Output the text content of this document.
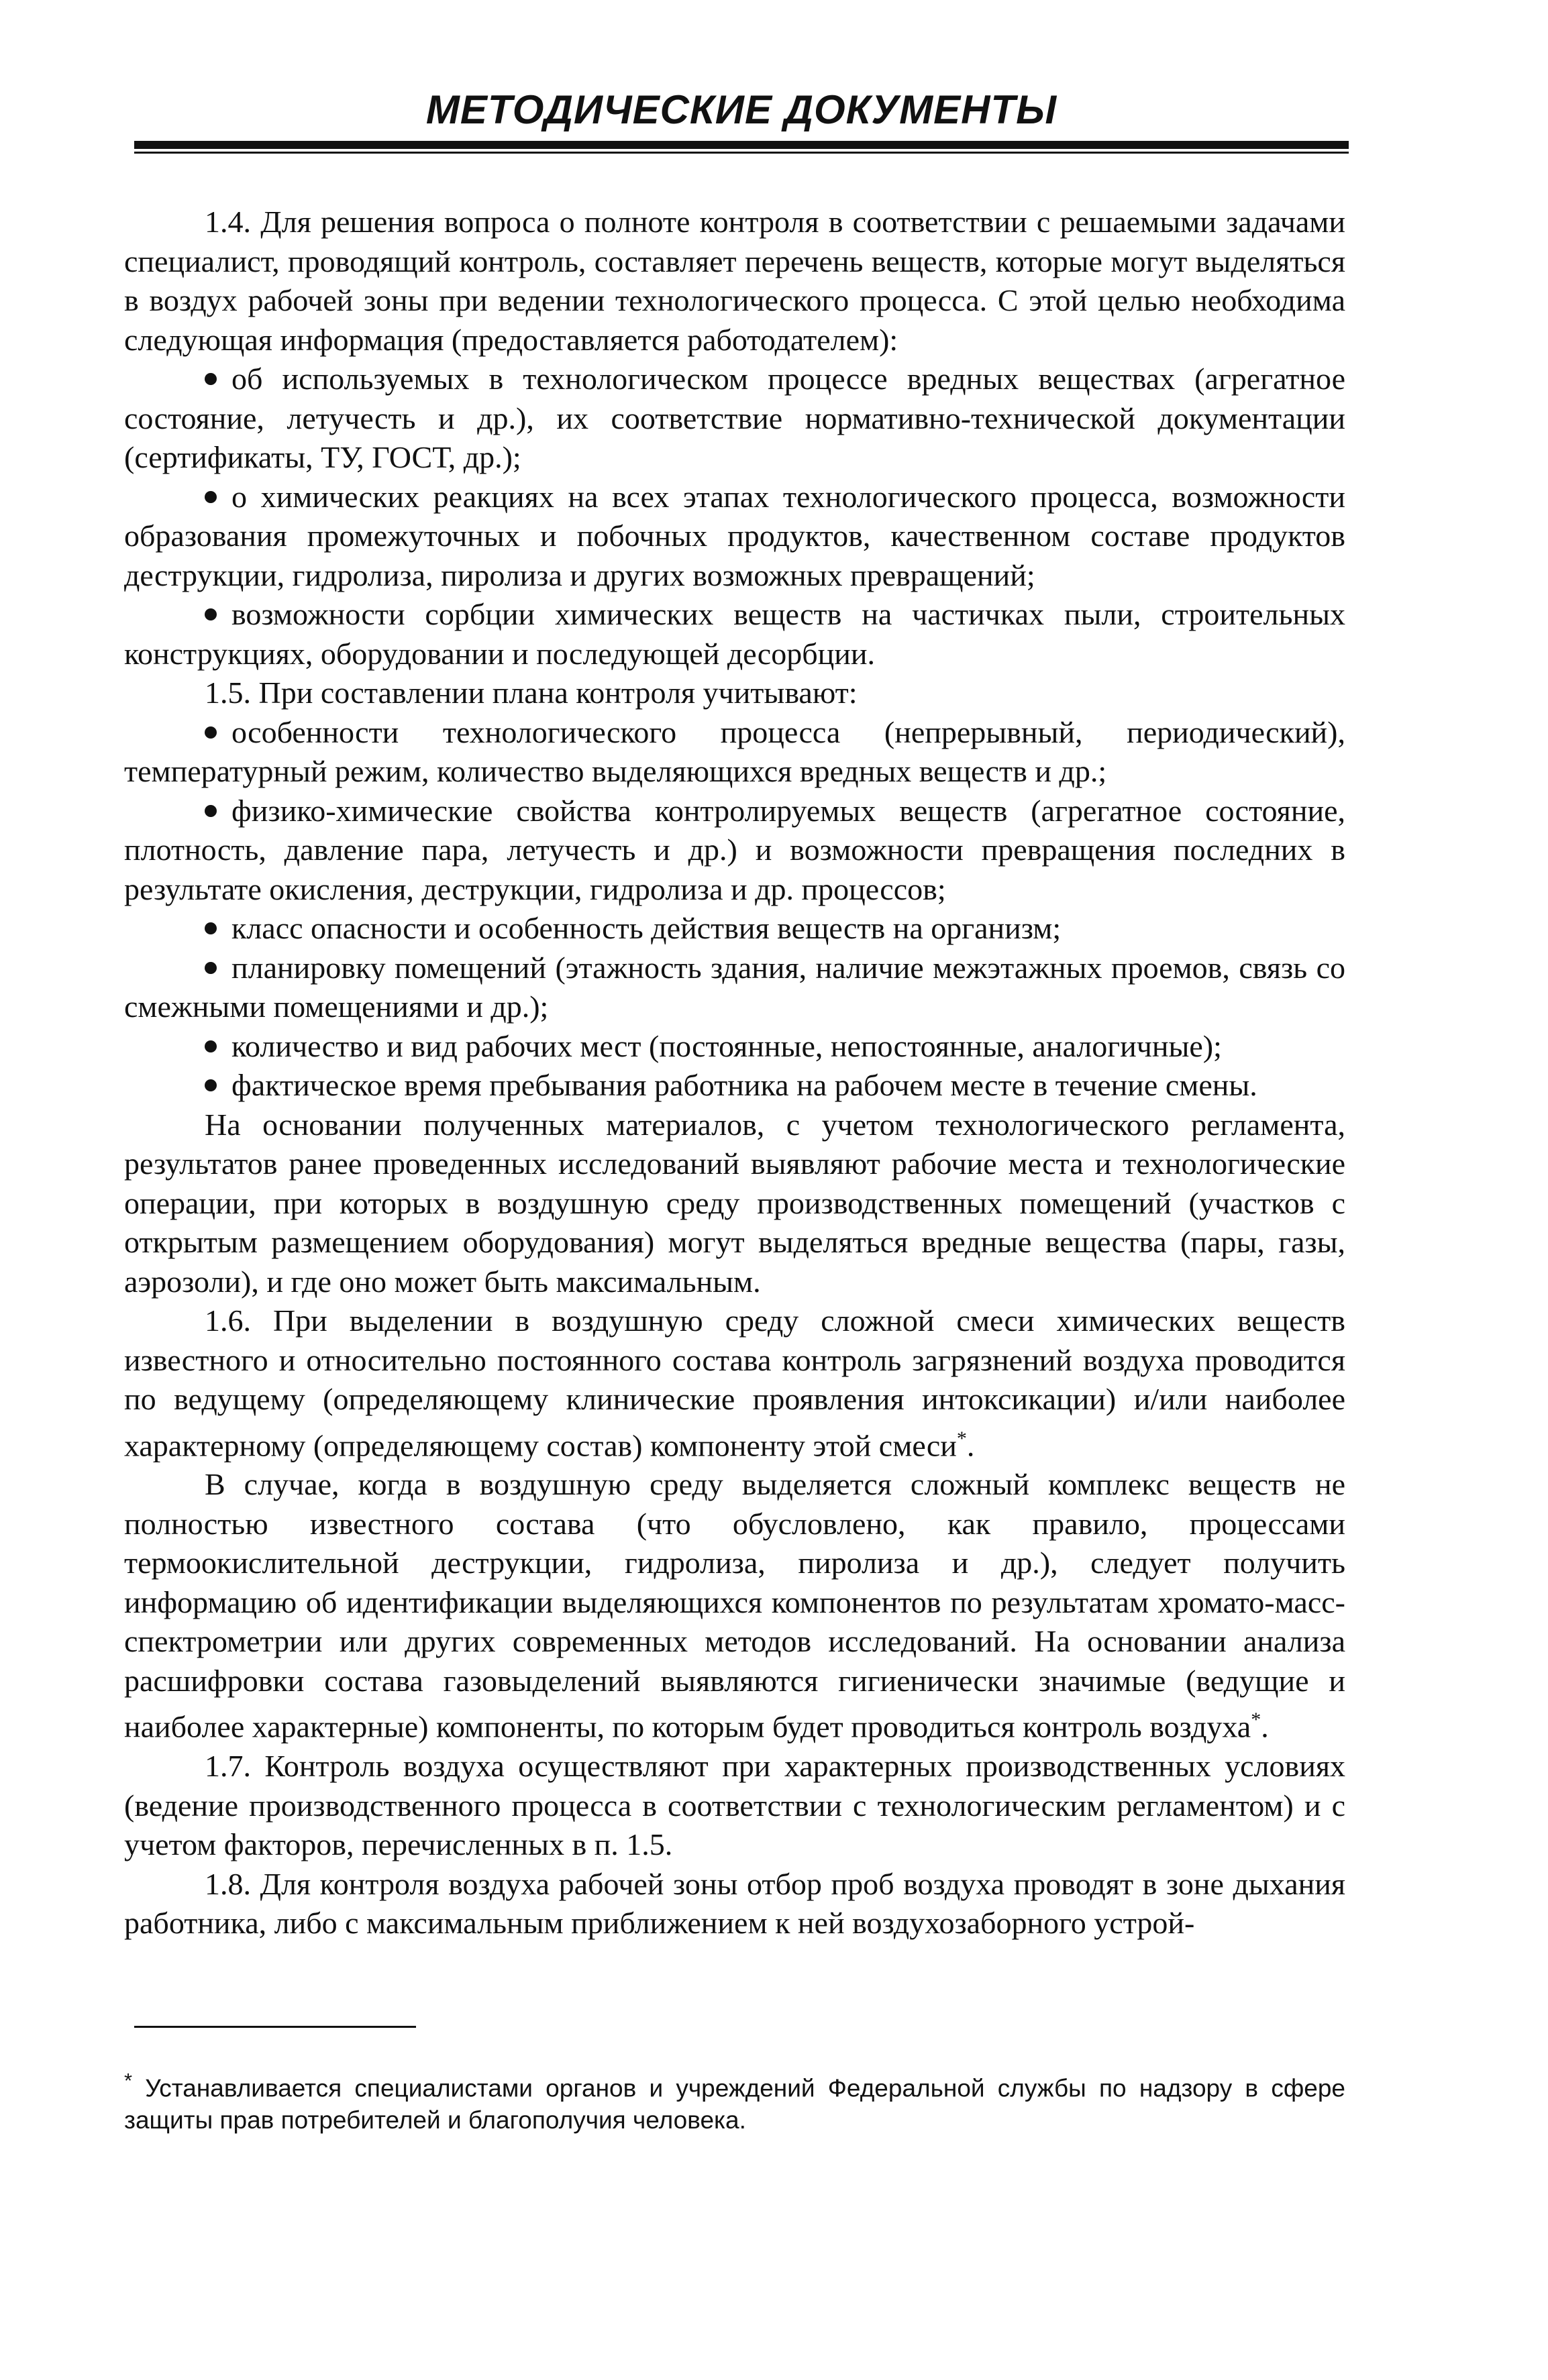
МЕТОДИЧЕСКИЕ ДОКУМЕНТЫ

1.4. Для решения вопроса о полноте контроля в соответствии с решаемыми задачами специалист, проводящий контроль, составляет перечень веществ, которые могут выделяться в воздух рабочей зоны при ведении технологического процесса. С этой целью необходима следующая информация (предоставляется работодателем):

об используемых в технологическом процессе вредных веществах (агрегатное состояние, летучесть и др.), их соответствие нормативно-технической документации (сертификаты, ТУ, ГОСТ, др.);

о химических реакциях на всех этапах технологического процесса, возможности образования промежуточных и побочных продуктов, качественном составе продуктов деструкции, гидролиза, пиролиза и других возможных превращений;

возможности сорбции химических веществ на частичках пыли, строительных конструкциях, оборудовании и последующей десорбции.

1.5. При составлении плана контроля учитывают:

особенности технологического процесса (непрерывный, периодический), температурный режим, количество выделяющихся вредных веществ и др.;

физико-химические свойства контролируемых веществ (агрегатное состояние, плотность, давление пара, летучесть и др.) и возможности превращения последних в результате окисления, деструкции, гидролиза и др. процессов;

класс опасности и особенность действия веществ на организм;

планировку помещений (этажность здания, наличие межэтажных проемов, связь со смежными помещениями и др.);

количество и вид рабочих мест (постоянные, непостоянные, аналогичные);

фактическое время пребывания работника на рабочем месте в течение смены.

На основании полученных материалов, с учетом технологического регламента, результатов ранее проведенных исследований выявляют рабочие места и технологические операции, при которых в воздушную среду производственных помещений (участков с открытым размещением оборудования) могут выделяться вредные вещества (пары, газы, аэрозоли), и где оно может быть максимальным.

1.6. При выделении в воздушную среду сложной смеси химических веществ известного и относительно постоянного состава контроль загрязнений воздуха проводится по ведущему (определяющему клинические проявления интоксикации) и/или наиболее характерному (определяющему состав) компоненту этой смеси*.

В случае, когда в воздушную среду выделяется сложный комплекс веществ не полностью известного состава (что обусловлено, как правило, процессами термоокислительной деструкции, гидролиза, пиролиза и др.), следует получить информацию об идентификации выделяющихся компонентов по результатам хромато-масс-спектрометрии или других современных методов исследований. На основании анализа расшифровки состава газовыделений выявляются гигиенически значимые (ведущие и наиболее характерные) компоненты, по которым будет проводиться контроль воздуха*.

1.7. Контроль воздуха осуществляют при характерных производственных условиях (ведение производственного процесса в соответствии с технологическим регламентом) и с учетом факторов, перечисленных в п. 1.5.

1.8. Для контроля воздуха рабочей зоны отбор проб воздуха проводят в зоне дыхания работника, либо с максимальным приближением к ней воздухозаборного устрой-

* Устанавливается специалистами органов и учреждений Федеральной службы по надзору в сфере защиты прав потребителей и благополучия человека.
